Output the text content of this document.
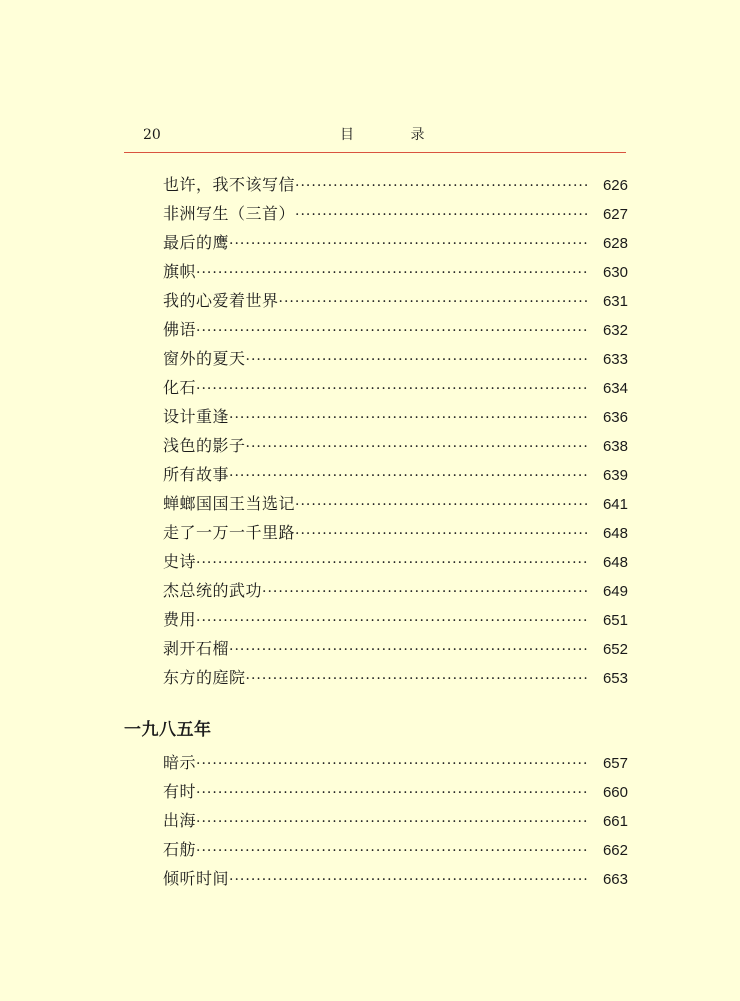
20	目 录
也许，我不该写信 ·····	626
非洲写生（三首） ·····	627
最后的鹰 ·····	628
旗帜 ·····	630
我的心爱着世界 ·····	631
佛语 ·····	632
窗外的夏天 ·····	633
化石 ·····	634
设计重逢 ·····	636
浅色的影子 ·····	638
所有故事 ·····	639
蝉螂国国王当选记 ·····	641
走了一万一千里路 ·····	648
史诗 ·····	648
杰总统的武功 ·····	649
费用 ·····	651
剥开石榴 ·····	652
东方的庭院 ·····	653
一九八五年
暗示 ·····	657
有时 ·····	660
出海 ·····	661
石舫 ·····	662
倾听时间 ·····	663
